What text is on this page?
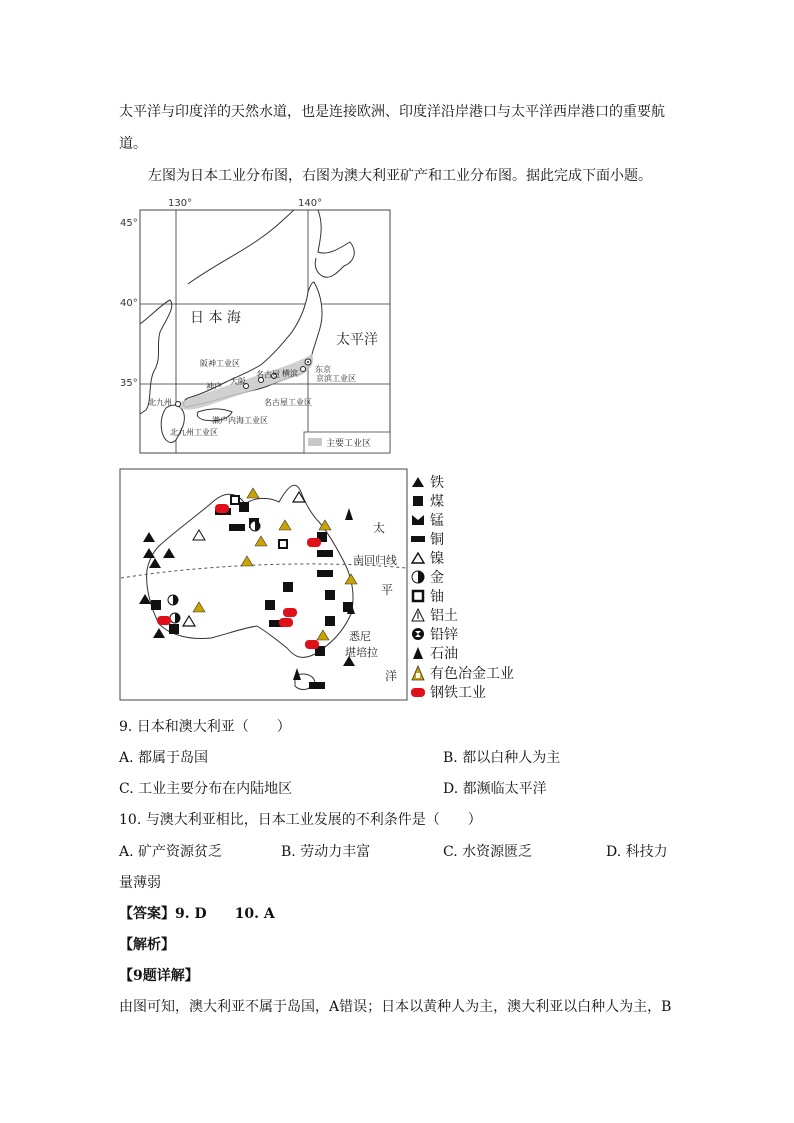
太平洋与印度洋的天然水道，也是连接欧洲、印度洋沿岸港口与太平洋西岸港口的重要航
道。
左图为日本工业分布图，右图为澳大利亚矿产和工业分布图。据此完成下面小题。
130°	140°
45°
40°
35°
日 本 海
太平洋
阪神工业区
名古屋
大阪
神户
横滨 东京
京滨工业区
名古屋工业区
北九州
濑户内海工业区
北九州工业区
主要工业区
南回归线
太
平
洋
悉尼
堪培拉
铁
煤
锰
铜
镍
金
铀
铝土
铅锌
石油
有色冶金工业
钢铁工业
9. 日本和澳大利亚（　　）
A. 都属于岛国	B. 都以白种人为主
C. 工业主要分布在内陆地区	D. 都濒临太平洋
10. 与澳大利亚相比，日本工业发展的不利条件是（　　）
A. 矿产资源贫乏	B. 劳动力丰富	C. 水资源匮乏	D. 科技力
量薄弱
【答案】9. D　　10. A
【解析】
【9题详解】
由图可知，澳大利亚不属于岛国，A错误；日本以黄种人为主，澳大利亚以白种人为主，B
